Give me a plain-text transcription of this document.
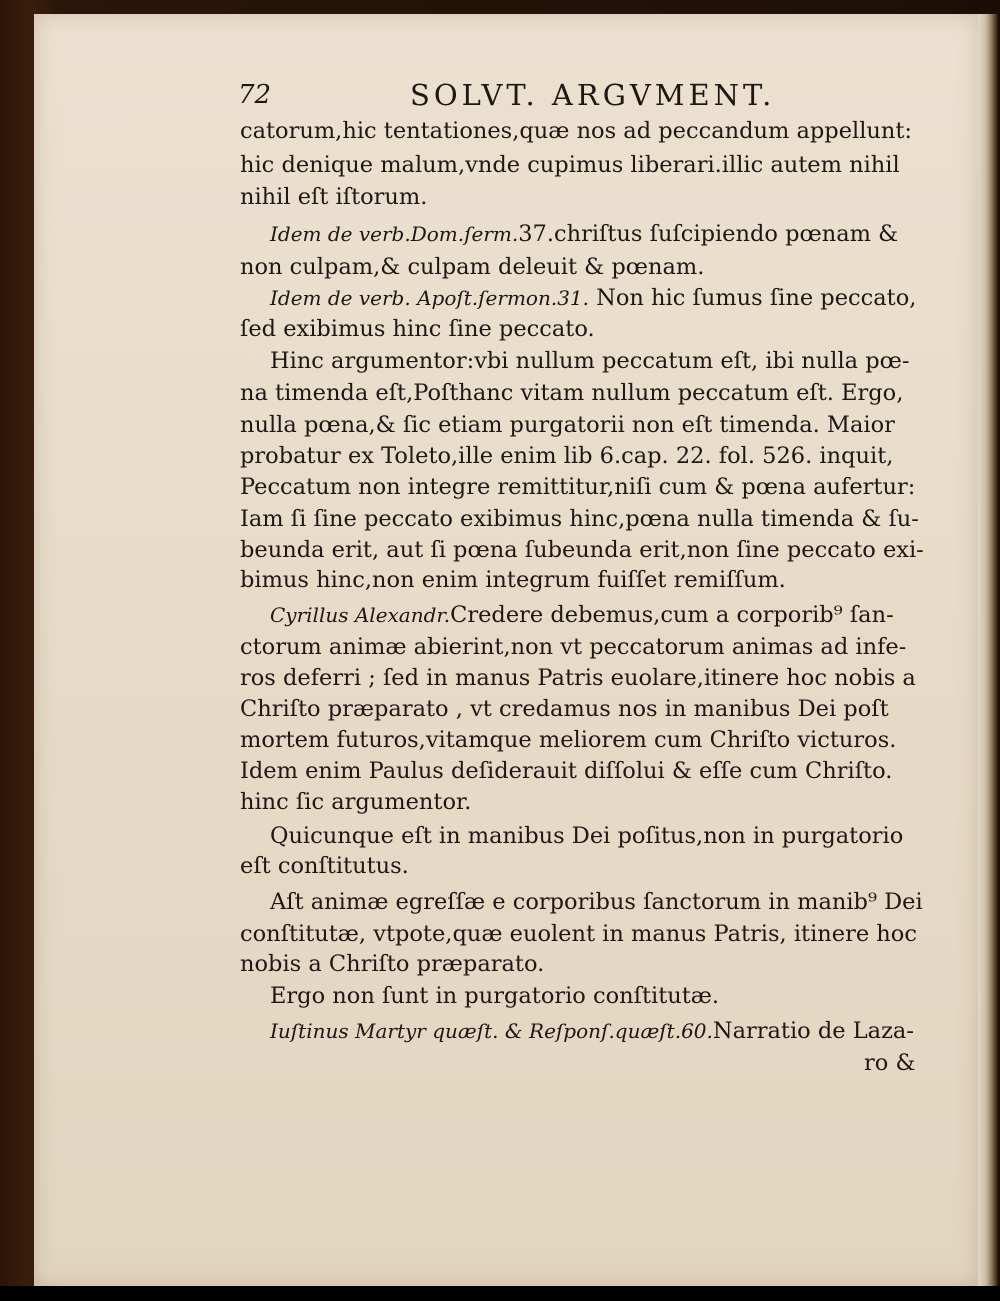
72	SOLVT. ARGVMENT.
catorum,hic tentationes,quæ nos ad peccandum appellunt:
hic denique malum,vnde cupimus liberari.illic autem nihil
nihil eſt iſtorum.
Idem de verb.Dom.ſerm.37.chriſtus ſuſcipiendo pœnam &
non culpam,& culpam deleuit & pœnam.
Idem de verb. Apoſt.ſermon.31. Non hic ſumus ſine peccato,
ſed exibimus hinc ſine peccato.
Hinc argumentor:vbi nullum peccatum eſt, ibi nulla pœ-
na timenda eſt,Poſthanc vitam nullum peccatum eſt. Ergo,
nulla pœna,& ſic etiam purgatorii non eſt timenda. Maior
probatur ex Toleto,ille enim lib 6.cap. 22. fol. 526. inquit,
Peccatum non integre remittitur,niſi cum & pœna aufertur:
Iam ſi ſine peccato exibimus hinc,pœna nulla timenda & ſu-
beunda erit, aut ſi pœna ſubeunda erit,non ſine peccato exi-
bimus hinc,non enim integrum fuiſſet remiſſum.
Cyrillus Alexandr.Credere debemus,cum a corporib⁹ ſan-
ctorum animæ abierint,non vt peccatorum animas ad infe-
ros deferri ; ſed in manus Patris euolare,itinere hoc nobis a
Chriſto præparato , vt credamus nos in manibus Dei poſt
mortem futuros,vitamque meliorem cum Chriſto victuros.
Idem enim Paulus deſiderauit diſſolui & eſſe cum Chriſto.
hinc ſic argumentor.
Quicunque eſt in manibus Dei poſitus,non in purgatorio
eſt conſtitutus.
Aſt animæ egreſſæ e corporibus ſanctorum in manib⁹ Dei
conſtitutæ, vtpote,quæ euolent in manus Patris, itinere hoc
nobis a Chriſto præparato.
Ergo non ſunt in purgatorio conſtitutæ.
Iuſtinus Martyr quæſt. & Reſponſ.quæſt.60.Narratio de Laza-
ro &
